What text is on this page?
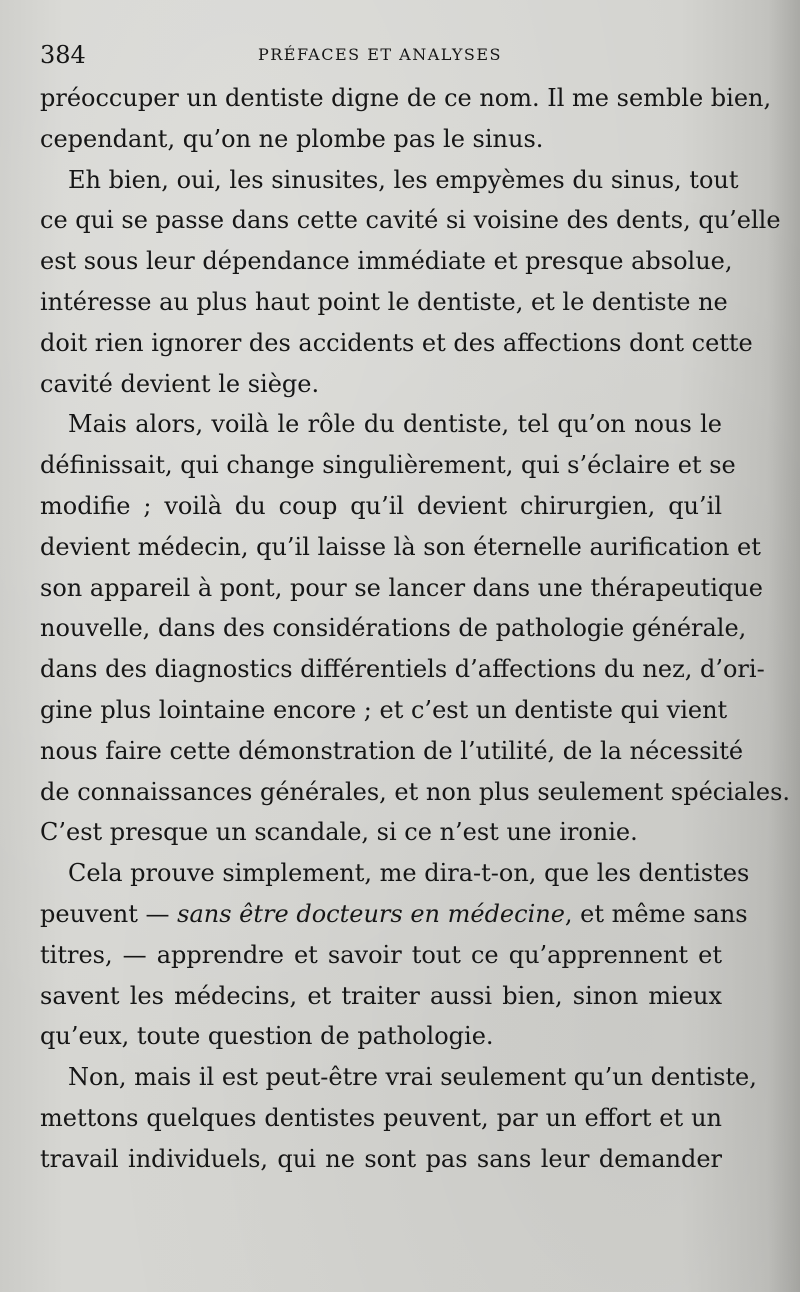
384	PRÉFACES ET ANALYSES
préoccuper un dentiste digne de ce nom. Il me semble bien,
cependant, qu’on ne plombe pas le sinus.
Eh bien, oui, les sinusites, les empyèmes du sinus, tout
ce qui se passe dans cette cavité si voisine des dents, qu’elle
est sous leur dépendance immédiate et presque absolue,
intéresse au plus haut point le dentiste, et le dentiste ne
doit rien ignorer des accidents et des affections dont cette
cavité devient le siège.
Mais alors, voilà le rôle du dentiste, tel qu’on nous le
définissait, qui change singulièrement, qui s’éclaire et se
modifie ; voilà du coup qu’il devient chirurgien, qu’il
devient médecin, qu’il laisse là son éternelle aurification et
son appareil à pont, pour se lancer dans une thérapeutique
nouvelle, dans des considérations de pathologie générale,
dans des diagnostics différentiels d’affections du nez, d’ori-
gine plus lointaine encore ; et c’est un dentiste qui vient
nous faire cette démonstration de l’utilité, de la nécessité
de connaissances générales, et non plus seulement spéciales.
C’est presque un scandale, si ce n’est une ironie.
Cela prouve simplement, me dira-t-on, que les dentistes
peuvent — sans être docteurs en médecine, et même sans
titres, — apprendre et savoir tout ce qu’apprennent et
savent les médecins, et traiter aussi bien, sinon mieux
qu’eux, toute question de pathologie.
Non, mais il est peut-être vrai seulement qu’un dentiste,
mettons quelques dentistes peuvent, par un effort et un
travail individuels, qui ne sont pas sans leur demander
